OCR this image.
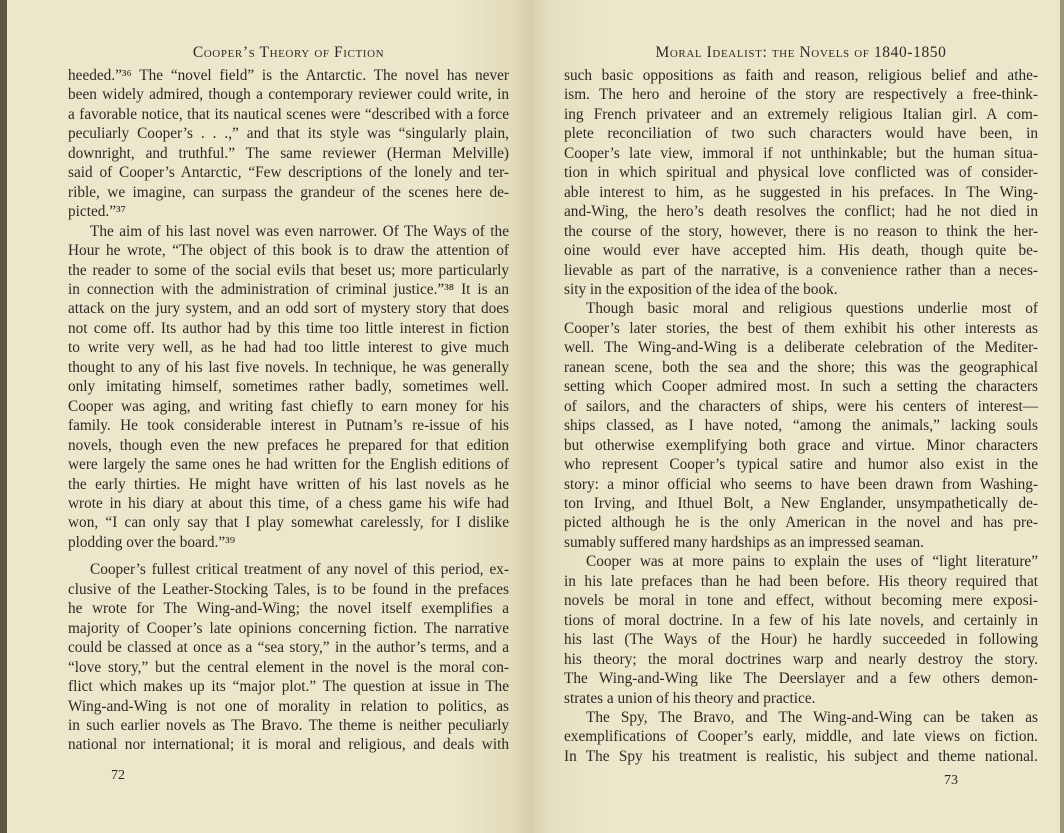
Cooper’s Theory of Fiction
heeded.”³⁶ The “novel field” is the Antarctic. The novel has never
been widely admired, though a contemporary reviewer could write, in
a favorable notice, that its nautical scenes were “described with a force
peculiarly Cooper’s . . .,” and that its style was “singularly plain,
downright, and truthful.” The same reviewer (Herman Melville)
said of Cooper’s Antarctic, “Few descriptions of the lonely and ter-
rible, we imagine, can surpass the grandeur of the scenes here de-
picted.”³⁷
The aim of his last novel was even narrower. Of The Ways of the
Hour he wrote, “The object of this book is to draw the attention of
the reader to some of the social evils that beset us; more particularly
in connection with the administration of criminal justice.”³⁸ It is an
attack on the jury system, and an odd sort of mystery story that does
not come off. Its author had by this time too little interest in fiction
to write very well, as he had had too little interest to give much
thought to any of his last five novels. In technique, he was generally
only imitating himself, sometimes rather badly, sometimes well.
Cooper was aging, and writing fast chiefly to earn money for his
family. He took considerable interest in Putnam’s re-issue of his
novels, though even the new prefaces he prepared for that edition
were largely the same ones he had written for the English editions of
the early thirties. He might have written of his last novels as he
wrote in his diary at about this time, of a chess game his wife had
won, “I can only say that I play somewhat carelessly, for I dislike
plodding over the board.”³⁹
Cooper’s fullest critical treatment of any novel of this period, ex-
clusive of the Leather-Stocking Tales, is to be found in the prefaces
he wrote for The Wing-and-Wing; the novel itself exemplifies a
majority of Cooper’s late opinions concerning fiction. The narrative
could be classed at once as a “sea story,” in the author’s terms, and a
“love story,” but the central element in the novel is the moral con-
flict which makes up its “major plot.” The question at issue in The
Wing-and-Wing is not one of morality in relation to politics, as
in such earlier novels as The Bravo. The theme is neither peculiarly
national nor international; it is moral and religious, and deals with
72
Moral Idealist: the Novels of 1840-1850
such basic oppositions as faith and reason, religious belief and athe-
ism. The hero and heroine of the story are respectively a free-think-
ing French privateer and an extremely religious Italian girl. A com-
plete reconciliation of two such characters would have been, in
Cooper’s late view, immoral if not unthinkable; but the human situa-
tion in which spiritual and physical love conflicted was of consider-
able interest to him, as he suggested in his prefaces. In The Wing-
and-Wing, the hero’s death resolves the conflict; had he not died in
the course of the story, however, there is no reason to think the her-
oine would ever have accepted him. His death, though quite be-
lievable as part of the narrative, is a convenience rather than a neces-
sity in the exposition of the idea of the book.
Though basic moral and religious questions underlie most of
Cooper’s later stories, the best of them exhibit his other interests as
well. The Wing-and-Wing is a deliberate celebration of the Mediter-
ranean scene, both the sea and the shore; this was the geographical
setting which Cooper admired most. In such a setting the characters
of sailors, and the characters of ships, were his centers of interest—
ships classed, as I have noted, “among the animals,” lacking souls
but otherwise exemplifying both grace and virtue. Minor characters
who represent Cooper’s typical satire and humor also exist in the
story: a minor official who seems to have been drawn from Washing-
ton Irving, and Ithuel Bolt, a New Englander, unsympathetically de-
picted although he is the only American in the novel and has pre-
sumably suffered many hardships as an impressed seaman.
Cooper was at more pains to explain the uses of “light literature”
in his late prefaces than he had been before. His theory required that
novels be moral in tone and effect, without becoming mere exposi-
tions of moral doctrine. In a few of his late novels, and certainly in
his last (The Ways of the Hour) he hardly succeeded in following
his theory; the moral doctrines warp and nearly destroy the story.
The Wing-and-Wing like The Deerslayer and a few others demon-
strates a union of his theory and practice.
The Spy, The Bravo, and The Wing-and-Wing can be taken as
exemplifications of Cooper’s early, middle, and late views on fiction.
In The Spy his treatment is realistic, his subject and theme national.
73
